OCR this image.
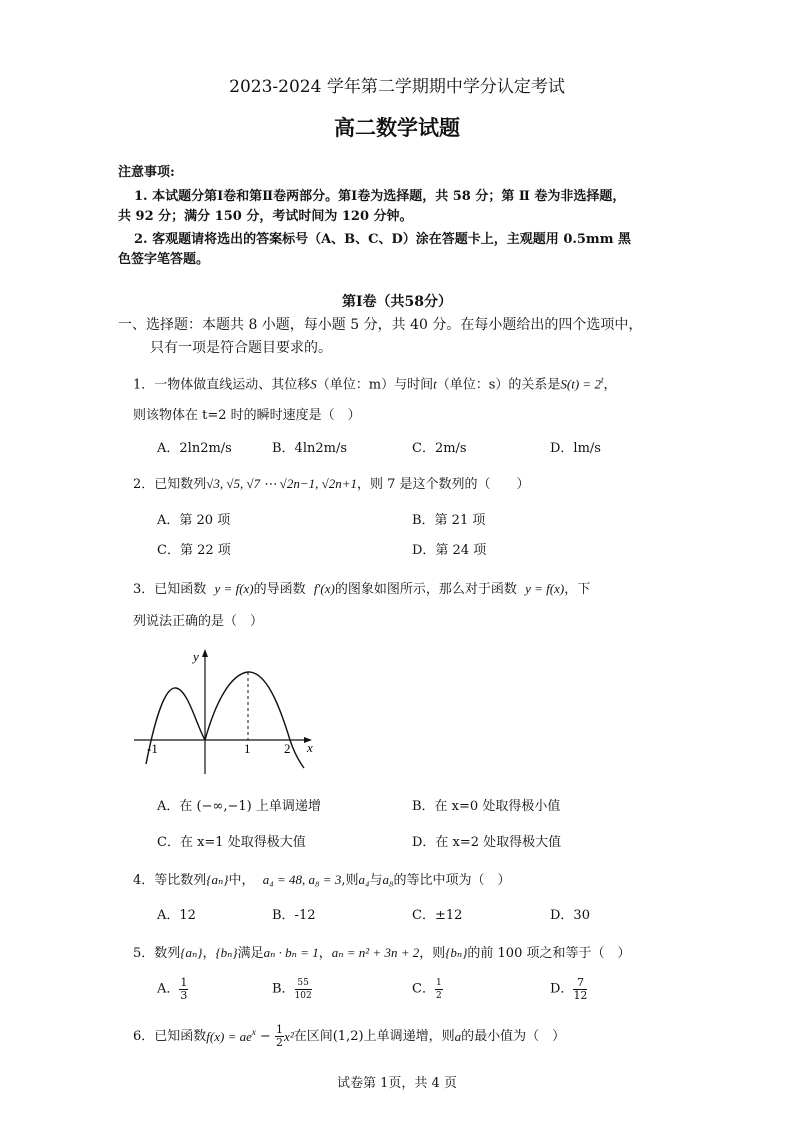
2023-2024 学年第二学期期中学分认定考试
高二数学试题
注意事项:
1. 本试题分第Ⅰ卷和第Ⅱ卷两部分。第Ⅰ卷为选择题，共 58 分；第 Ⅱ 卷为非选择题，
共 92 分；满分 150 分，考试时间为 120 分钟。
2. 客观题请将选出的答案标号（A、B、C、D）涂在答题卡上，主观题用 0.5mm 黑
色签字笔答题。
第Ⅰ卷（共58分）
一、选择题：本题共 8 小题，每小题 5 分，共 40 分。在每小题给出的四个选项中，
只有一项是符合题目要求的。
1．一物体做直线运动、其位移S（单位：m）与时间t（单位：s）的关系是$S(t) = 2^t$，
则该物体在 t=2 时的瞬时速度是（　）
A．2ln2m/s	B．4ln2m/s	C．2m/s	D．lm/s
2．已知数列√3, √5, √7 ⋯ √2n−1, √2n+1，则 7 是这个数列的（　　）
A．第 20 项	B．第 21 项
C．第 22 项	D．第 24 项
3．已知函数 y = f(x)的导函数 f′(x)的图象如图所示，那么对于函数 y = f(x)，下
列说法正确的是（　）
y
x
-1	1	2
A．在 (−∞,−1) 上单调递增	B．在 x=0 处取得极小值
C．在 x=1 处取得极大值	D．在 x=2 处取得极大值
4．等比数列{aₙ}中， a₄ = 48, a₈ = 3,则a₄与a₈的等比中项为（　）
A．12	B．-12	C．±12	D．30
5．数列{aₙ}，{bₙ}满足aₙ · bₙ = 1，aₙ = n² + 3n + 2，则{bₙ}的前 100 项之和等于（　）
A． $\frac{1}{3}$	B． $\frac{55}{102}$	C． $\frac{1}{2}$	D． $\frac{7}{12}$
6．已知函数$f(x) = ae^x - \frac{1}{2} x^2$在区间(1,2)上单调递增，则a的最小值为（　）
试卷第 1页，共 4 页
